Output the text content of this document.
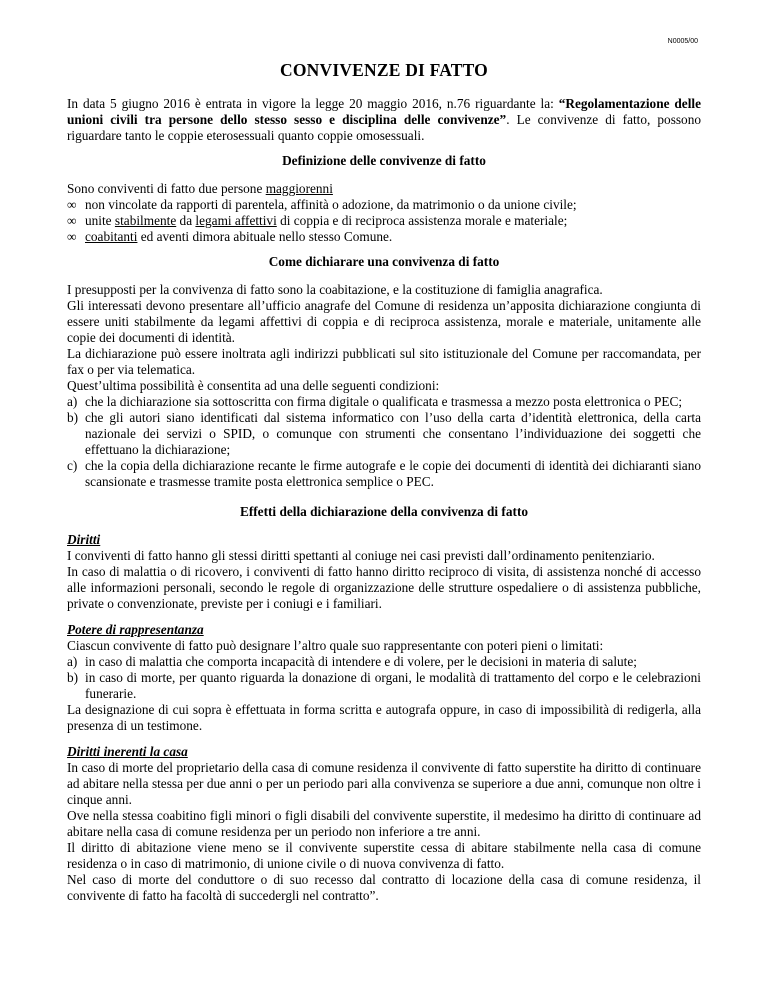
N0005/00
CONVIVENZE DI FATTO

In data 5 giugno 2016 è entrata in vigore la legge 20 maggio 2016, n.76 riguardante la: “Regolamentazione delle unioni civili tra persone dello stesso sesso e disciplina delle convivenze”. Le convivenze di fatto, possono riguardare tanto le coppie eterosessuali quanto coppie omosessuali.

Definizione delle convivenze di fatto

Sono conviventi di fatto due persone maggiorenni

∞ non vincolate da rapporti di parentela, affinità o adozione, da matrimonio o da unione civile;
∞ unite stabilmente da legami affettivi di coppia e di reciproca assistenza morale e materiale;
∞ coabitanti ed aventi dimora abituale nello stesso Comune.

Come dichiarare una convivenza di fatto

I presupposti per la convivenza di fatto sono la coabitazione, e la costituzione di famiglia anagrafica.

Gli interessati devono presentare all’ufficio anagrafe del Comune di residenza un’apposita dichiarazione congiunta di essere uniti stabilmente da legami affettivi di coppia e di reciproca assistenza, morale e materiale, unitamente alle copie dei documenti di identità.

La dichiarazione può essere inoltrata agli indirizzi pubblicati sul sito istituzionale del Comune per raccomandata, per fax o per via telematica.

Quest’ultima possibilità è consentita ad una delle seguenti condizioni:

a) che la dichiarazione sia sottoscritta con firma digitale o qualificata e trasmessa a mezzo posta elettronica o PEC;
b) che gli autori siano identificati dal sistema informatico con l’uso della carta d’identità elettronica, della carta nazionale dei servizi o SPID, o comunque con strumenti che consentano l’individuazione dei soggetti che effettuano la dichiarazione;
c) che la copia della dichiarazione recante le firme autografe e le copie dei documenti di identità dei dichiaranti siano scansionate e trasmesse tramite posta elettronica semplice o PEC.

Effetti della dichiarazione della convivenza di fatto

Diritti

I conviventi di fatto hanno gli stessi diritti spettanti al coniuge nei casi previsti dall’ordinamento penitenziario.

In caso di malattia o di ricovero, i conviventi di fatto hanno diritto reciproco di visita, di assistenza nonché di accesso alle informazioni personali, secondo le regole di organizzazione delle strutture ospedaliere o di assistenza pubbliche, private o convenzionate, previste per i coniugi e i familiari.

Potere di rappresentanza

Ciascun convivente di fatto può designare l’altro quale suo rappresentante con poteri pieni o limitati:

a) in caso di malattia che comporta incapacità di intendere e di volere, per le decisioni in materia di salute;
b) in caso di morte, per quanto riguarda la donazione di organi, le modalità di trattamento del corpo e le celebrazioni funerarie.

La designazione di cui sopra è effettuata in forma scritta e autografa oppure, in caso di impossibilità di redigerla, alla presenza di un testimone.

Diritti inerenti la casa

In caso di morte del proprietario della casa di comune residenza il convivente di fatto superstite ha diritto di continuare ad abitare nella stessa per due anni o per un periodo pari alla convivenza se superiore a due anni, comunque non oltre i cinque anni.

Ove nella stessa coabitino figli minori o figli disabili del convivente superstite, il medesimo ha diritto di continuare ad abitare nella casa di comune residenza per un periodo non inferiore a tre anni.

Il diritto di abitazione viene meno se il convivente superstite cessa di abitare stabilmente nella casa di comune residenza o in caso di matrimonio, di unione civile o di nuova convivenza di fatto.

Nel caso di morte del conduttore o di suo recesso dal contratto di locazione della casa di comune residenza, il convivente di fatto ha facoltà di succedergli nel contratto”.
